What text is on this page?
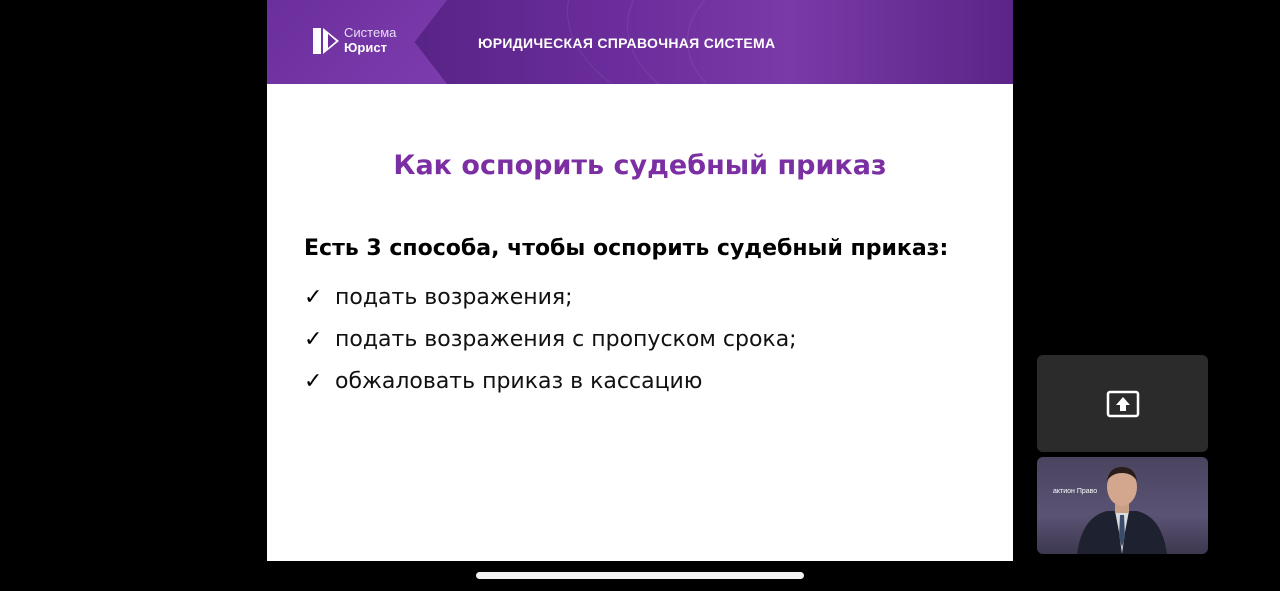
Система
Юрист	ЮРИДИЧЕСКАЯ СПРАВОЧНАЯ СИСТЕМА
Как оспорить судебный приказ
Есть 3 способа, чтобы оспорить судебный приказ:
✓ подать возражения;
✓ подать возражения с пропуском срока;
✓ обжаловать приказ в кассацию
актион Право
